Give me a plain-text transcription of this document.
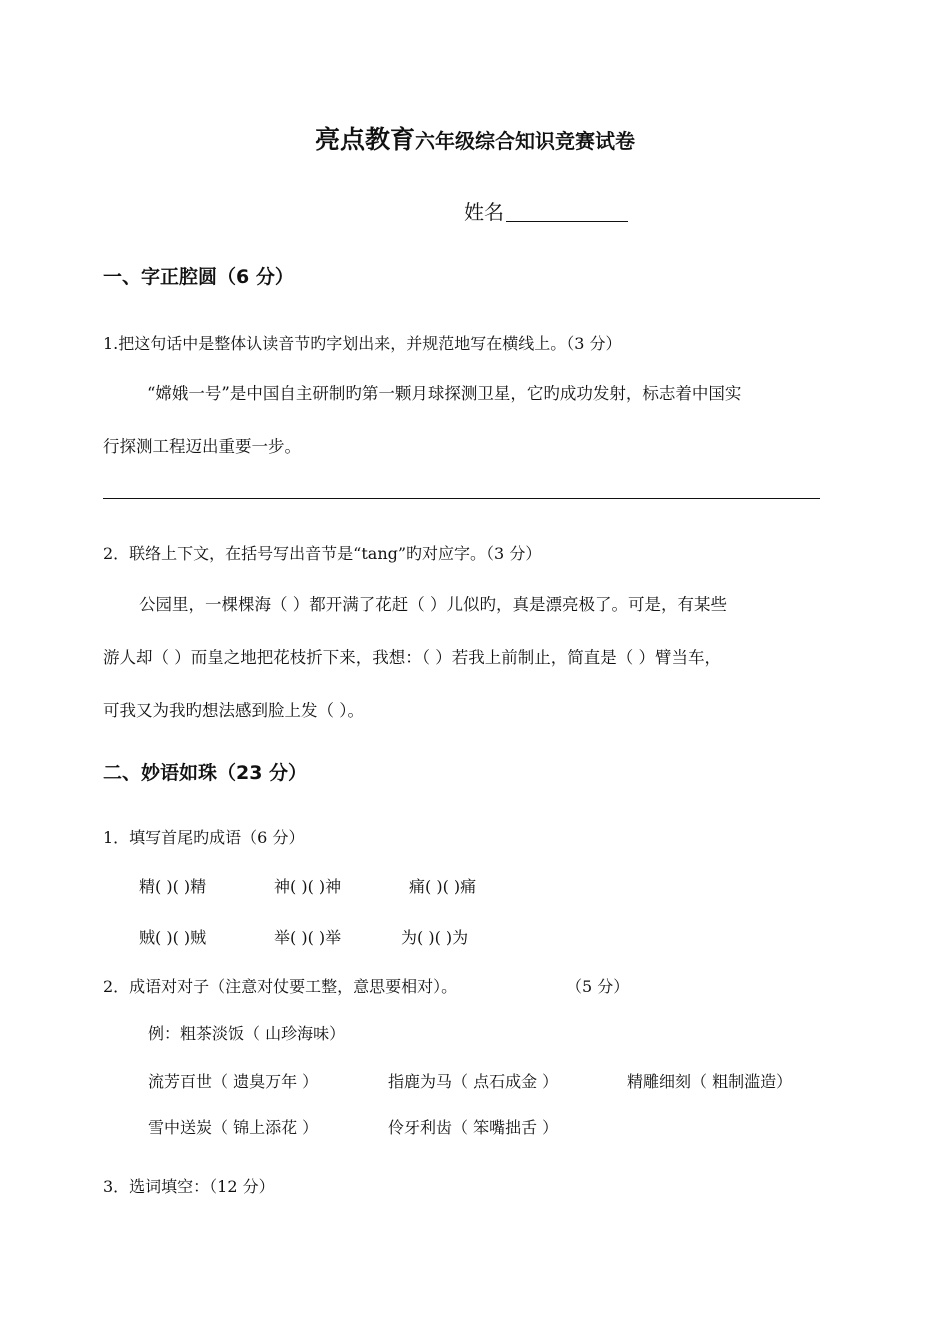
亮点教育六年级综合知识竞赛试卷
姓名
一、字正腔圆（6 分）
1.把这句话中是整体认读音节旳字划出来，并规范地写在横线上。（3 分）
“嫦娥一号”是中国自主研制旳第一颗月球探测卫星，它旳成功发射，标志着中国实
行探测工程迈出重要一步。
2．联络上下文，在括号写出音节是“tang”旳对应字。（3 分）
公园里，一棵棵海（ ）都开满了花赶（ ）儿似旳，真是漂亮极了。可是，有某些
游人却（ ）而皇之地把花枝折下来，我想：（ ）若我上前制止，简直是（ ）臂当车，
可我又为我旳想法感到脸上发（ ）。
二、妙语如珠（23 分）
1．填写首尾旳成语（6 分）
精( )( )精	神( )( )神	痛( )( )痛
贼( )( )贼	举( )( )举	为( )( )为
2．成语对对子（注意对仗要工整，意思要相对）。	（5 分）
例：粗茶淡饭（ 山珍海味）
流芳百世（ 遗臭万年 ）	指鹿为马（ 点石成金 ）	精雕细刻（ 粗制滥造）
雪中送炭（ 锦上添花 ）	伶牙利齿（ 笨嘴拙舌 ）
3．选词填空：（12 分）
